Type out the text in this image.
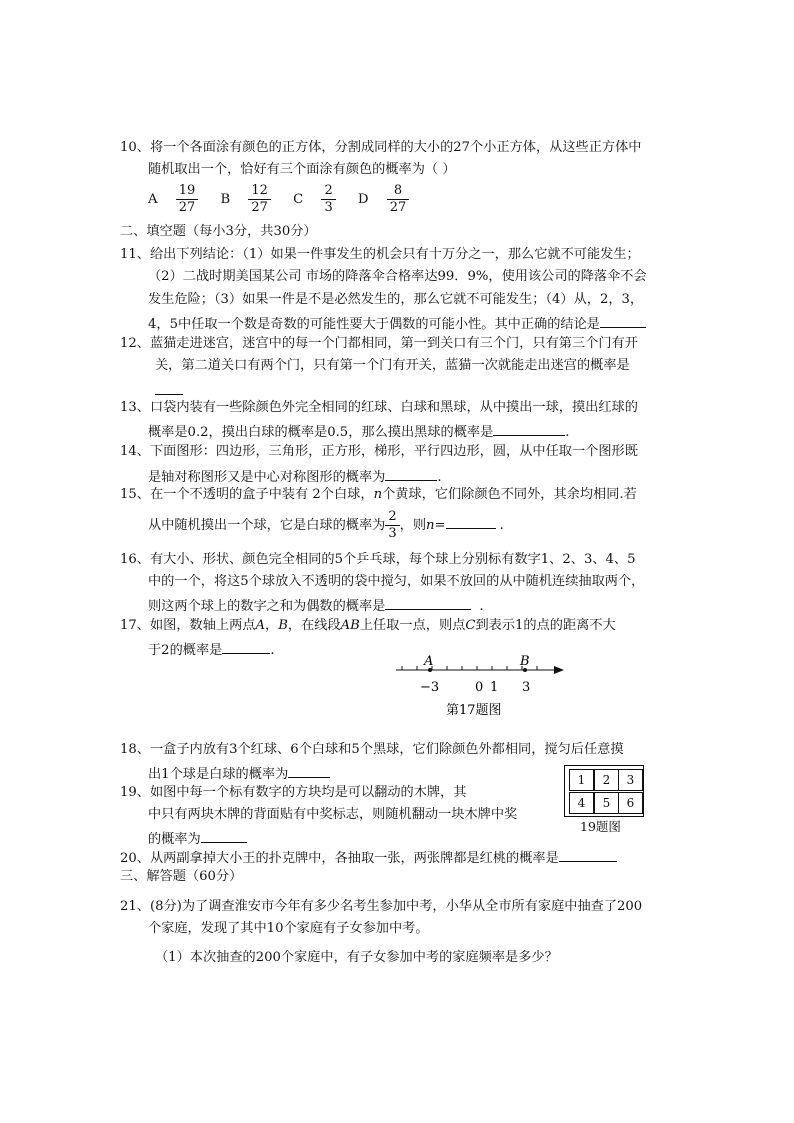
10、将一个各面涂有颜色的正方体，分割成同样的大小的27个小正方体，从这些正方体中
随机取出一个，恰好有三个面涂有颜色的概率为（ ）
A $\frac{19}{27}$ B $\frac{12}{27}$ C $\frac{2}{3}$ D $\frac{8}{27}$
二、填空题（每小3分，共30分）
11、给出下列结论：（1）如果一件事发生的机会只有十万分之一，那么它就不可能发生；
（2）二战时期美国某公司 市场的降落伞合格率达99．9%，使用该公司的降落伞不会
发生危险；（3）如果一件是不是必然发生的，那么它就不可能发生；（4）从，2，3，
4，5中任取一个数是奇数的可能性要大于偶数的可能小性。其中正确的结论是
12、蓝猫走进迷宫，迷宫中的每一个门都相同，第一到关口有三个门，只有第三个门有开
关，第二道关口有两个门，只有第一个门有开关，蓝猫一次就能走出迷宫的概率是
13、口袋内装有一些除颜色外完全相同的红球、白球和黑球，从中摸出一球，摸出红球的
概率是0.2，摸出白球的概率是0.5，那么摸出黑球的概率是	.
14、下面图形：四边形，三角形，正方形，梯形，平行四边形，圆，从中任取一个图形既
是轴对称图形又是中心对称图形的概率为	.
15、在一个不透明的盒子中装有 2个白球，n个黄球，它们除颜色不同外，其余均相同.若
从中随机摸出一个球，它是白球的概率为 $\frac{2}{3}$ ，则n=	.
16、有大小、形状、颜色完全相同的5个乒乓球，每个球上分别标有数字1、2、3、4、5
中的一个，将这5个球放入不透明的袋中搅匀，如果不放回的从中随机连续抽取两个，
则这两个球上的数字之和为偶数的概率是	.
17、如图，数轴上两点A，B，在线段AB上任取一点，则点C到表示1的点的距离不大
于2的概率是	.
A	B
−3	0 1 3
第17题图
18、一盒子内放有3个红球、6个白球和5个黑球，它们除颜色外都相同，搅匀后任意摸
出1个球是白球的概率为
19、如图中每一个标有数字的方块均是可以翻动的木牌，其
中只有两块木牌的背面贴有中奖标志，则随机翻动一块木牌中奖
的概率为
1	2	3
4	5	6
19题图
20、从两副拿掉大小王的扑克牌中，各抽取一张，两张牌都是红桃的概率是
三、解答题（60分）
21、(8分)为了调查淮安市今年有多少名考生参加中考，小华从全市所有家庭中抽查了200
个家庭，发现了其中10个家庭有子女参加中考。
（1）本次抽查的200个家庭中，有子女参加中考的家庭频率是多少？
